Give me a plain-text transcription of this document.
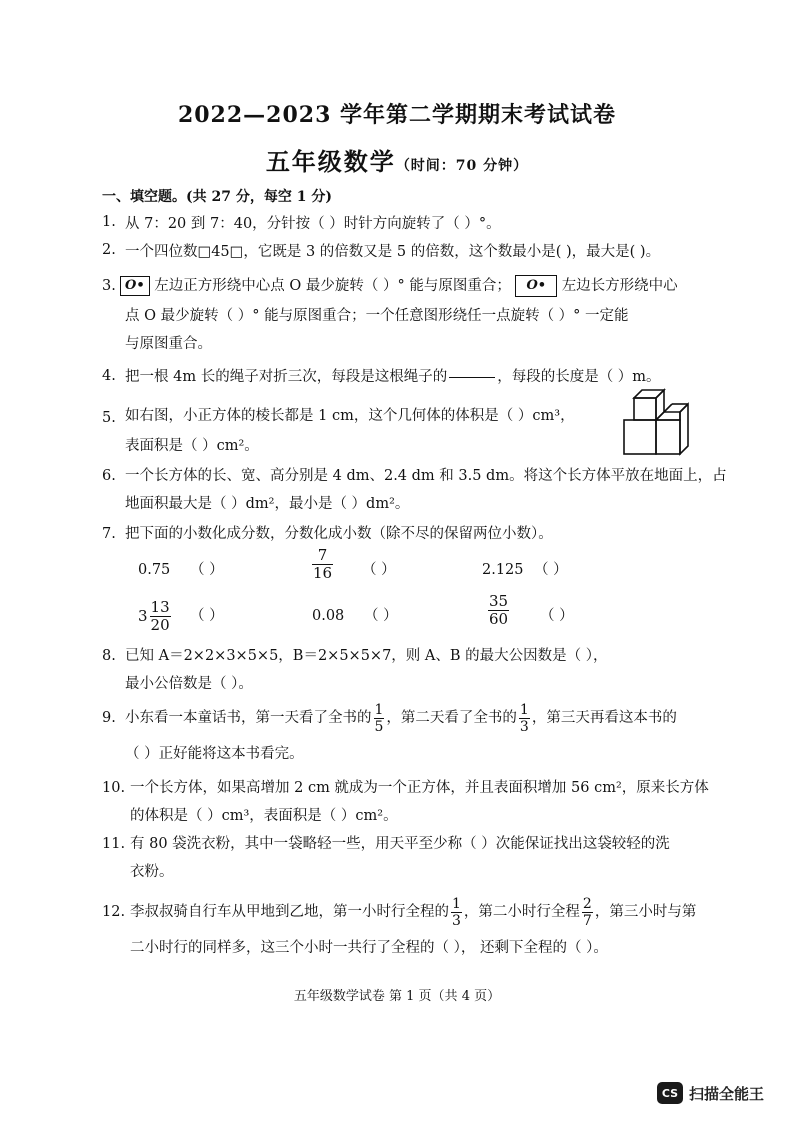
2022—2023 学年第二学期期末考试试卷
五年级数学（时间：70 分钟）
一、填空题。(共 27 分，每空 1 分)
1. 从 7：20 到 7：40，分针按（ ）时针方向旋转了（ ）°。
2. 一个四位数□45□，它既是 3 的倍数又是 5 的倍数，这个数最小是( )，最大是( )。
3. O• 左边正方形绕中心点 O 最少旋转（ ）° 能与原图重合； O• 左边长方形绕中心
点 O 最少旋转（ ）° 能与原图重合；一个任意图形绕任一点旋转（ ）° 一定能
与原图重合。
4. 把一根 4m 长的绳子对折三次，每段是这根绳子的	，每段的长度是（ ）m。
5. 如右图，小正方体的棱长都是 1 cm，这个几何体的体积是（ ）cm³，
表面积是（ ）cm²。
6. 一个长方体的长、宽、高分别是 4 dm、2.4 dm 和 3.5 dm。将这个长方体平放在地面上，占
地面积最大是（ ）dm²，最小是（ ）dm²。
7. 把下面的小数化成分数，分数化成小数（除不尽的保留两位小数）。
0.75 （ ）	$\frac{7}{16}$ （ ）	2.125 （ ）
$3 \frac{13}{20}$ （ ）	0.08 （ ）	$\frac{35}{60}$ （ ）
8. 已知 A＝2×2×3×5×5，B＝2×5×5×7，则 A、B 的最大公因数是（ ），
最小公倍数是（ ）。
9. 小东看一本童话书，第一天看了全书的 $\frac{1}{5}$ ，第二天看了全书的 $\frac{1}{3}$ ，第三天再看这本书的
（ ）正好能将这本书看完。
10. 一个长方体，如果高增加 2 cm 就成为一个正方体，并且表面积增加 56 cm²，原来长方体
的体积是（ ）cm³，表面积是（ ）cm²。
11. 有 80 袋洗衣粉，其中一袋略轻一些，用天平至少称（ ）次能保证找出这袋较轻的洗
衣粉。
12. 李叔叔骑自行车从甲地到乙地，第一小时行全程的 $\frac{1}{3}$ ，第二小时行全程 $\frac{2}{7}$ ，第三小时与第
二小时行的同样多，这三个小时一共行了全程的（ ）， 还剩下全程的（ ）。
五年级数学试卷 第 1 页（共 4 页）
CS 扫描全能王
